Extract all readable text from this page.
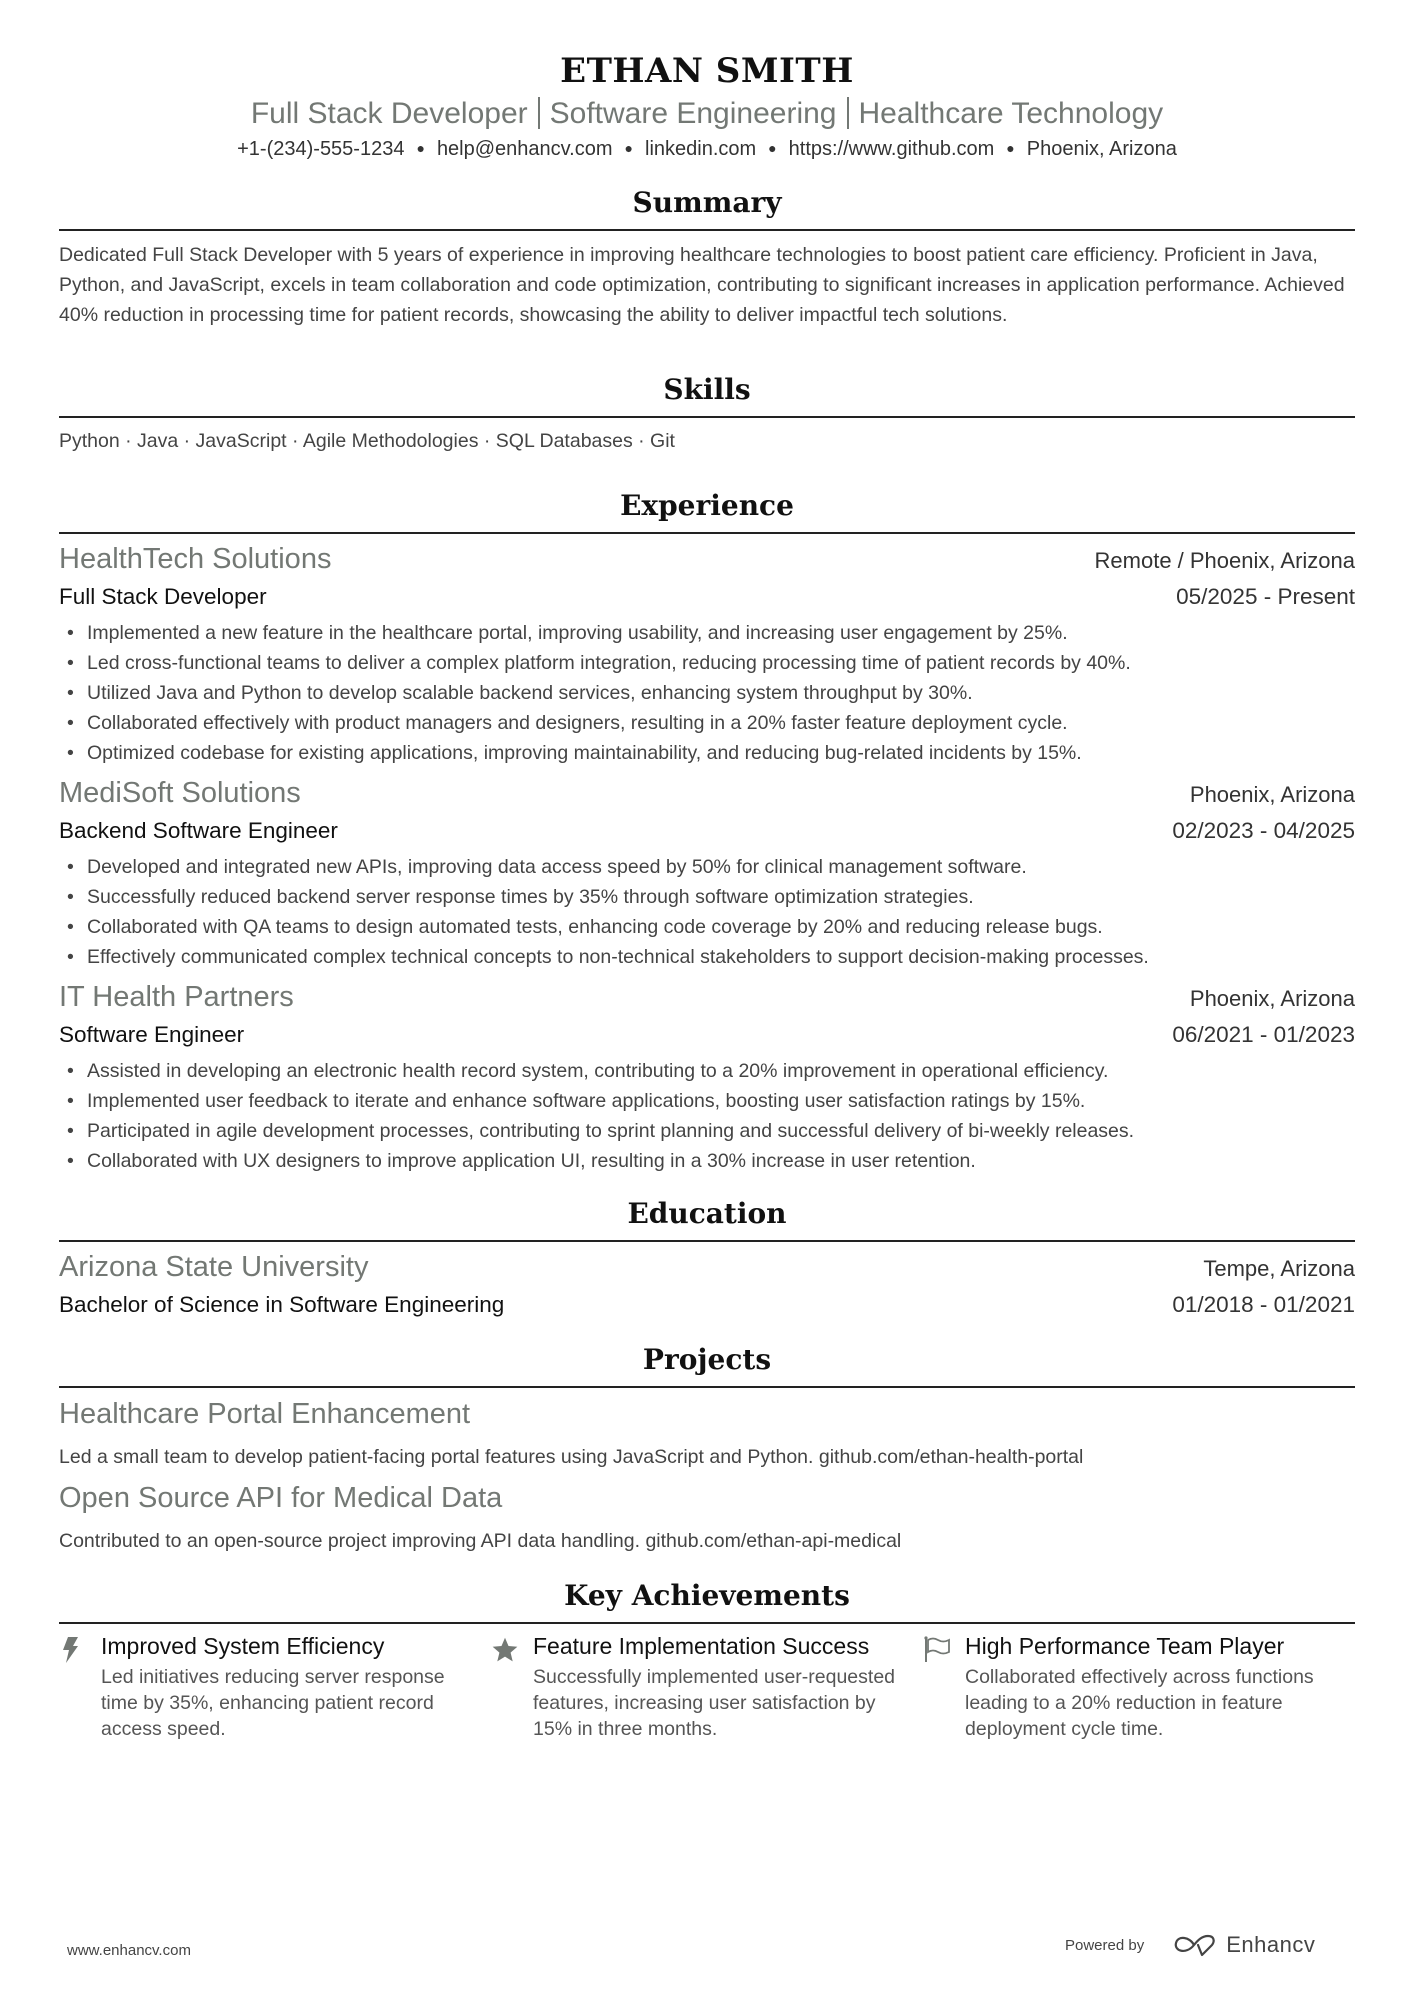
ETHAN SMITH
Full Stack Developer Software Engineering Healthcare Technology
+1-(234)-555-1234 ● help@enhancv.com ● linkedin.com ● https://www.github.com ● Phoenix, Arizona
Summary

Dedicated Full Stack Developer with 5 years of experience in improving healthcare technologies to boost patient care efficiency. Proficient in Java, Python, and JavaScript, excels in team collaboration and code optimization, contributing to significant increases in application performance. Achieved 40% reduction in processing time for patient records, showcasing the ability to deliver impactful tech solutions.

Skills

Python · Java · JavaScript · Agile Methodologies · SQL Databases · Git

Experience
HealthTech Solutions	Remote / Phoenix, Arizona
Full Stack Developer	05/2025 - Present
• Implemented a new feature in the healthcare portal, improving usability, and increasing user engagement by 25%.
• Led cross-functional teams to deliver a complex platform integration, reducing processing time of patient records by 40%.
• Utilized Java and Python to develop scalable backend services, enhancing system throughput by 30%.
• Collaborated effectively with product managers and designers, resulting in a 20% faster feature deployment cycle.
• Optimized codebase for existing applications, improving maintainability, and reducing bug-related incidents by 15%.
MediSoft Solutions	Phoenix, Arizona
Backend Software Engineer	02/2023 - 04/2025
• Developed and integrated new APIs, improving data access speed by 50% for clinical management software.
• Successfully reduced backend server response times by 35% through software optimization strategies.
• Collaborated with QA teams to design automated tests, enhancing code coverage by 20% and reducing release bugs.
• Effectively communicated complex technical concepts to non-technical stakeholders to support decision-making processes.
IT Health Partners	Phoenix, Arizona
Software Engineer	06/2021 - 01/2023
• Assisted in developing an electronic health record system, contributing to a 20% improvement in operational efficiency.
• Implemented user feedback to iterate and enhance software applications, boosting user satisfaction ratings by 15%.
• Participated in agile development processes, contributing to sprint planning and successful delivery of bi-weekly releases.
• Collaborated with UX designers to improve application UI, resulting in a 30% increase in user retention.
Education
Arizona State University	Tempe, Arizona
Bachelor of Science in Software Engineering	01/2018 - 01/2021
Projects
Healthcare Portal Enhancement
Led a small team to develop patient-facing portal features using JavaScript and Python. github.com/ethan-health-portal
Open Source API for Medical Data
Contributed to an open-source project improving API data handling. github.com/ethan-api-medical
Key Achievements
Improved System Efficiency
Led initiatives reducing server response time by 35%, enhancing patient record access speed.
Feature Implementation Success
Successfully implemented user-requested features, increasing user satisfaction by 15% in three months.
High Performance Team Player
Collaborated effectively across functions leading to a 20% reduction in feature deployment cycle time.
www.enhancv.com	Powered by	Enhancv
